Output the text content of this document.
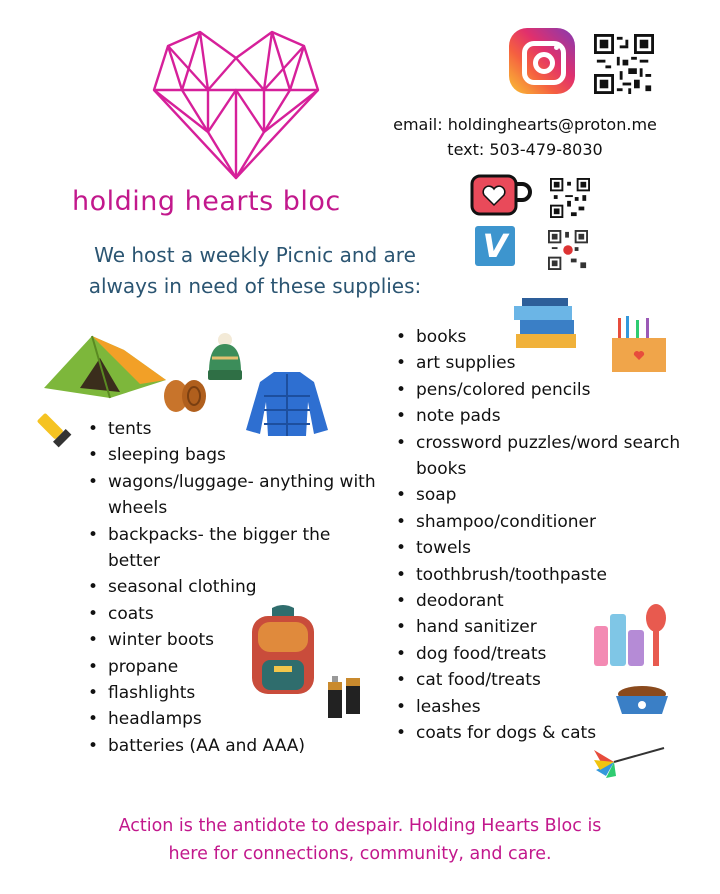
holding hearts bloc
email: holdinghearts@proton.me
text: 503-479-8030
V
We host a weekly Picnic and are
always in need of these supplies:
• tents
• sleeping bags
• wagons/luggage- anything with wheels
• backpacks- the bigger the better
• seasonal clothing
• coats
• winter boots
• propane
• flashlights
• headlamps
• batteries (AA and AAA)
• books
• art supplies
• pens/colored pencils
• note pads
• crossword puzzles/word search books
• soap
• shampoo/conditioner
• towels
• toothbrush/toothpaste
• deodorant
• hand sanitizer
• dog food/treats
• cat food/treats
• leashes
• coats for dogs & cats
Action is the antidote to despair. Holding Hearts Bloc is
here for connections, community, and care.
